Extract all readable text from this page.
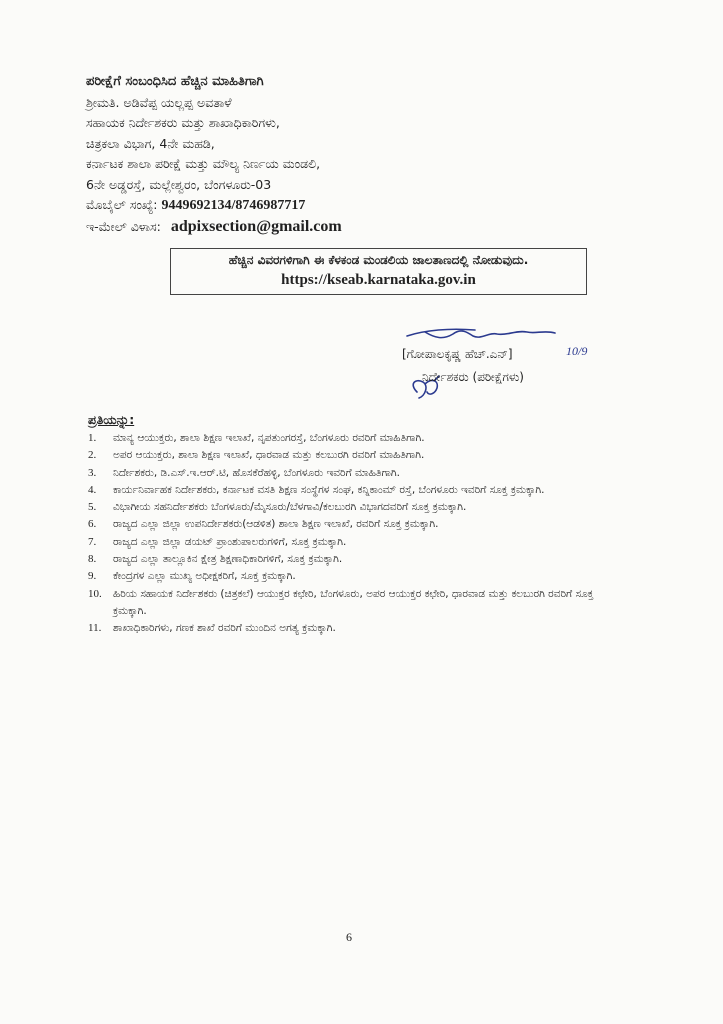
ಪರೀಕ್ಷೆಗೆ ಸಂಬಂಧಿಸಿದ ಹೆಚ್ಚಿನ ಮಾಹಿತಿಗಾಗಿ
ಶ್ರೀಮತಿ. ಅಡಿವೆಪ್ಪ ಯಲ್ಲಪ್ಪ ಅವತಾಳೆ
ಸಹಾಯಕ ನಿರ್ದೇಶಕರು ಮತ್ತು ಶಾಖಾಧಿಕಾರಿಗಳು,
ಚಿತ್ರಕಲಾ ವಿಭಾಗ, 4ನೇ ಮಹಡಿ,
ಕರ್ನಾಟಕ ಶಾಲಾ ಪರೀಕ್ಷೆ ಮತ್ತು ಮೌಲ್ಯ ನಿರ್ಣಯ ಮಂಡಲಿ,
6ನೇ ಅಡ್ಡರಸ್ತೆ, ಮಲ್ಲೇಶ್ವರಂ, ಬೆಂಗಳೂರು-03
ಮೊಬೈಲ್ ಸಂಖ್ಯೆ: 9449692134/8746987717
ಇ-ಮೇಲ್ ವಿಳಾಸ: adpixsection@gmail.com
ಹೆಚ್ಚಿನ ವಿವರಗಳಿಗಾಗಿ ಈ ಕೆಳಕಂಡ ಮಂಡಲಿಯ ಜಾಲತಾಣದಲ್ಲಿ ನೋಡುವುದು.
https://kseab.karnataka.gov.in
10/9
[ಗೋಪಾಲಕೃಷ್ಣ ಹೆಚ್.ಎನ್]
ನಿರ್ದೇಶಕರು (ಪರೀಕ್ಷೆಗಳು)
ಪ್ರತಿಯನ್ನು:
1. ಮಾನ್ಯ ಆಯುಕ್ತರು, ಶಾಲಾ ಶಿಕ್ಷಣ ಇಲಾಖೆ, ನೃಪತುಂಗರಸ್ತೆ, ಬೆಂಗಳೂರು ರವರಿಗೆ ಮಾಹಿತಿಗಾಗಿ.
2. ಅಪರ ಆಯುಕ್ತರು, ಶಾಲಾ ಶಿಕ್ಷಣ ಇಲಾಖೆ, ಧಾರವಾಡ ಮತ್ತು ಕಲಬುರಗಿ ರವರಿಗೆ ಮಾಹಿತಿಗಾಗಿ.
3. ನಿರ್ದೇಶಕರು, ಡಿ.ಎಸ್.ಇ.ಆರ್.ಟಿ, ಹೊಸಕೆರೆಹಳ್ಳಿ, ಬೆಂಗಳೂರು ಇವರಿಗೆ ಮಾಹಿತಿಗಾಗಿ.
4. ಕಾರ್ಯನಿರ್ವಾಹಕ ನಿರ್ದೇಶಕರು, ಕರ್ನಾಟಕ ವಸತಿ ಶಿಕ್ಷಣ ಸಂಸ್ಥೆಗಳ ಸಂಘ, ಕನ್ನಿಕಾಂಮ್ ರಸ್ತೆ, ಬೆಂಗಳೂರು ಇವರಿಗೆ ಸೂಕ್ತ ಕ್ರಮಕ್ಕಾಗಿ.
5. ವಿಭಾಗೀಯ ಸಹನಿರ್ದೇಶಕರು ಬೆಂಗಳೂರು/ಮೈಸೂರು/ಬೆಳಗಾವಿ/ಕಲಬುರಗಿ ವಿಭಾಗದವರಿಗೆ ಸೂಕ್ತ ಕ್ರಮಕ್ಕಾಗಿ.
6. ರಾಜ್ಯದ ಎಲ್ಲಾ ಜಿಲ್ಲಾ ಉಪನಿರ್ದೇಶಕರು(ಆಡಳಿತ) ಶಾಲಾ ಶಿಕ್ಷಣ ಇಲಾಖೆ, ರವರಿಗೆ ಸೂಕ್ತ ಕ್ರಮಕ್ಕಾಗಿ.
7. ರಾಜ್ಯದ ಎಲ್ಲಾ ಜಿಲ್ಲಾ ಡಯಟ್ ಪ್ರಾಂಶುಪಾಲರುಗಳಿಗೆ, ಸೂಕ್ತ ಕ್ರಮಕ್ಕಾಗಿ.
8. ರಾಜ್ಯದ ಎಲ್ಲಾ ತಾಲ್ಲೂಕಿನ ಕ್ಷೇತ್ರ ಶಿಕ್ಷಣಾಧಿಕಾರಿಗಳಿಗೆ, ಸೂಕ್ತ ಕ್ರಮಕ್ಕಾಗಿ.
9. ಕೇಂದ್ರಗಳ ಎಲ್ಲಾ ಮುಖ್ಯ ಅಧೀಕ್ಷಕರಿಗೆ, ಸೂಕ್ತ ಕ್ರಮಕ್ಕಾಗಿ.
10. ಹಿರಿಯ ಸಹಾಯಕ ನಿರ್ದೇಶಕರು (ಚಿತ್ರಕಲೆ) ಆಯುಕ್ತರ ಕಛೇರಿ, ಬೆಂಗಳೂರು, ಅಪರ ಆಯುಕ್ತರ ಕಛೇರಿ, ಧಾರವಾಡ ಮತ್ತು ಕಲಬುರಗಿ ರವರಿಗೆ ಸೂಕ್ತ ಕ್ರಮಕ್ಕಾಗಿ.
11. ಶಾಖಾಧಿಕಾರಿಗಳು, ಗಣಕ ಶಾಖೆ ರವರಿಗೆ ಮುಂದಿನ ಅಗತ್ಯ ಕ್ರಮಕ್ಕಾಗಿ.
6
